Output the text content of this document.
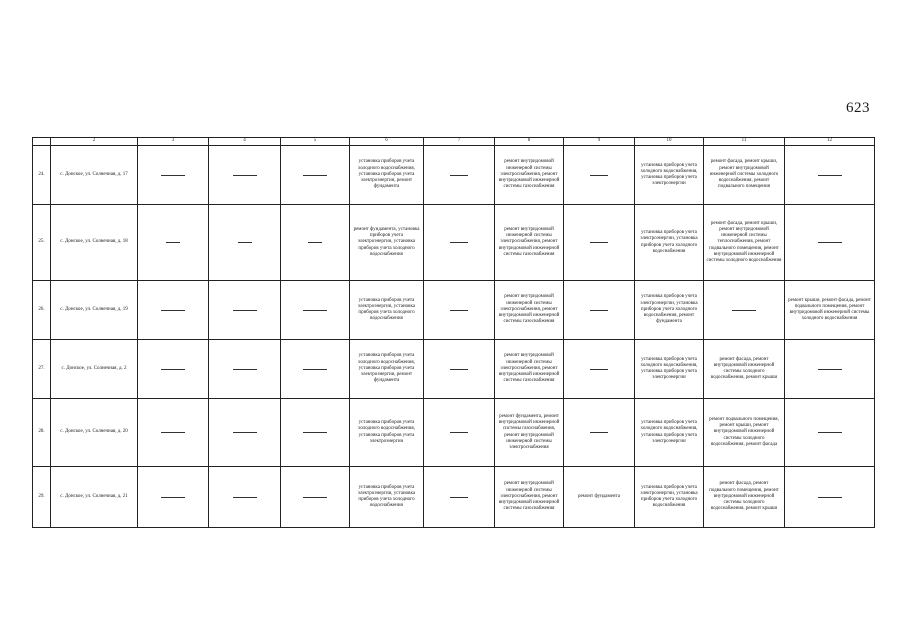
623
	2	3	4	5	6	7	8	9	10	11	12
24.	с. Донское, ул. Солнечная, д. 17				установка приборов учета холодного водоснабжения, установка приборов учета электроэнергии, ремонт фундамента		ремонт внутридомовой инженерной системы электроснабжения, ремонт внутридомовой инженерной системы газоснабжения		установка приборов учета холодного водоснабжения, установка приборов учета электроэнергии	ремонт фасада, ремонт крыши, ремонт внутридомовой инженерной системы холодного водоснабжения, ремонт подвального помещения	

25.	с. Донское, ул. Солнечная, д. 18				ремонт фундамента, установка приборов учета электроэнергии, установка приборов учета холодного водоснабжения		ремонт внутридомовой инженерной системы электроснабжения, ремонт внутридомовой инженерной системы газоснабжения		установка приборов учета электроэнергии, установка приборов учета холодного водоснабжения	ремонт фасада, ремонт крыши, ремонт внутридомовой инженерной системы теплоснабжения, ремонт подвального помещения, ремонт внутридомовой инженерной системы холодного водоснабжения	

26.	с. Донское, ул. Солнечная, д. 19				установка приборов учета электроэнергии, установка приборов учета холодного водоснабжения		ремонт внутридомовой инженерной системы электроснабжения, ремонт внутридомовой инженерной системы газоснабжения		установка приборов учета электроэнергии, установка приборов учета холодного водоснабжения, ремонт фундамента		ремонт крыши, ремонт фасада, ремонт подвального помещения, ремонт внутридомовой инженерной системы холодного водоснабжения
27.	с. Донское, ул. Солнечная, д. 2				установка приборов учета холодного водоснабжения, установка приборов учета электроэнергии, ремонт фундамента		ремонт внутридомовой инженерной системы электроснабжения, ремонт внутридомовой инженерной системы газоснабжения		установка приборов учета холодного водоснабжения, установка приборов учета электроэнергии	ремонт фасада, ремонт внутридомовой инженерной системы холодного водоснабжения, ремонт крыши	

28.	с. Донское, ул. Солнечная, д. 20				установка приборов учета холодного водоснабжения, установка приборов учета электроэнергии		ремонт фундамента, ремонт внутридомовой инженерной системы газоснабжения, ремонт внутридомовой инженерной системы электроснабжения		установка приборов учета холодного водоснабжения, установка приборов учета электроэнергии	ремонт подвального помещения, ремонт крыши, ремонт внутридомовой инженерной системы холодного водоснабжения, ремонт фасада	

29.	с. Донское, ул. Солнечная, д. 21				установка приборов учета электроэнергии, установка приборов учета холодного водоснабжения		ремонт внутридомовой инженерной системы электроснабжения, ремонт внутридомовой инженерной системы газоснабжения	ремонт фундамента	установка приборов учета электроэнергии, установка приборов учета холодного водоснабжения	ремонт фасада, ремонт подвального помещения, ремонт внутридомовой инженерной системы холодного водоснабжения, ремонт крыши	
